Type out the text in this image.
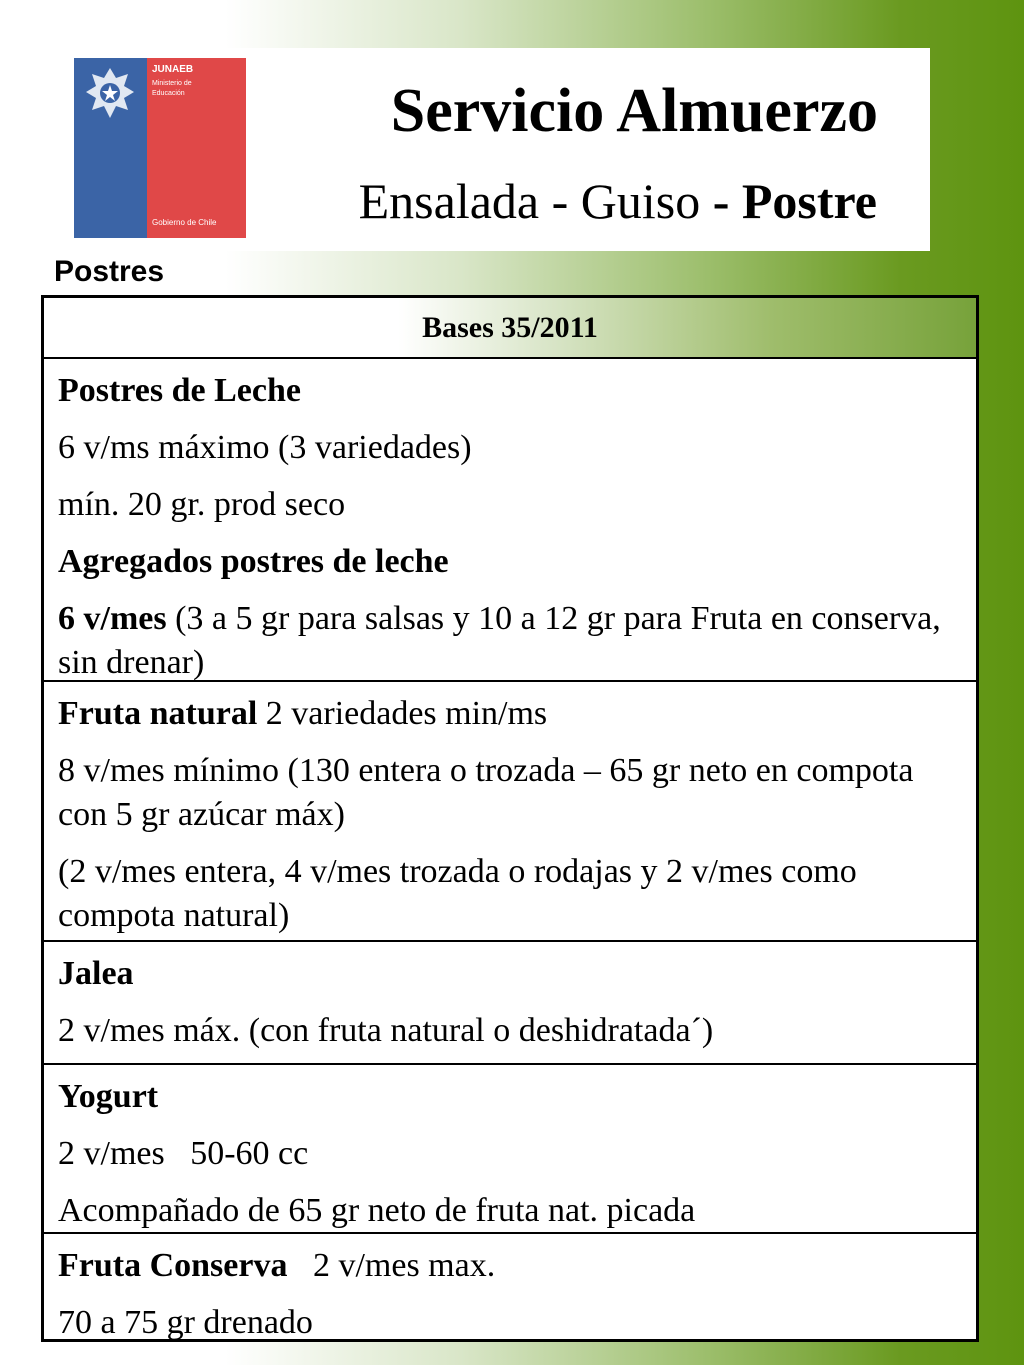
JUNAEB
Ministerio de
Educación
Gobierno de Chile
Servicio Almuerzo
Ensalada - Guiso - Postre
Postres
Bases 35/2011

Postres de Leche

6 v/ms máximo (3 variedades)

mín. 20 gr. prod seco

Agregados postres de leche

6 v/mes (3 a 5 gr para salsas y 10 a 12 gr para Fruta en conserva, sin drenar)

Fruta natural 2 variedades min/ms

8 v/mes mínimo (130 entera o trozada – 65 gr neto en compota con 5 gr azúcar máx)

(2 v/mes entera, 4 v/mes trozada o rodajas y 2 v/mes como compota natural)

Jalea

2 v/mes máx. (con fruta natural o deshidratada´)

Yogurt

2 v/mes   50-60 cc

Acompañado de 65 gr neto de fruta nat. picada

Fruta Conserva   2 v/mes max.

70 a 75 gr drenado
